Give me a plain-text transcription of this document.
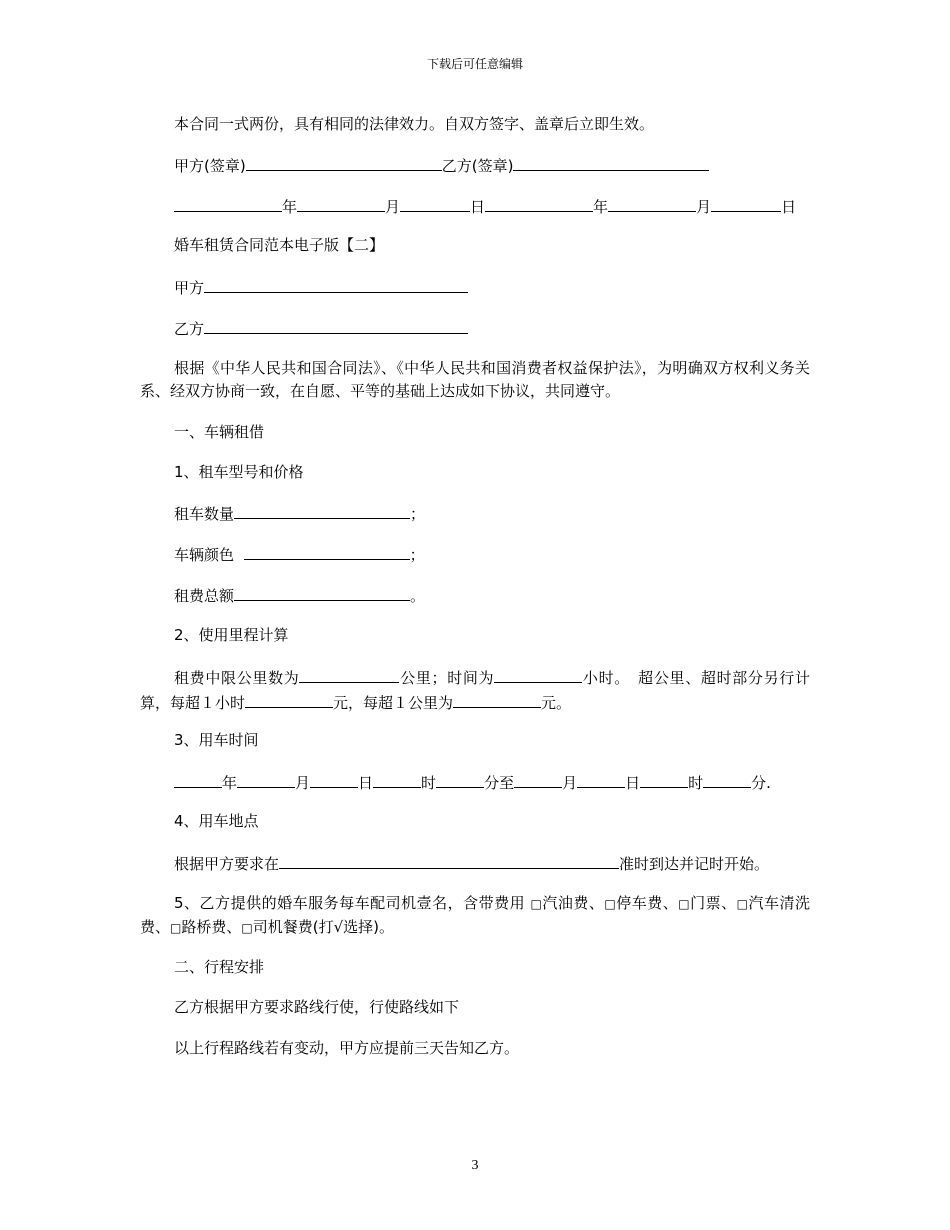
下载后可任意编辑
本合同一式两份，具有相同的法律效力。自双方签字、盖章后立即生效。
甲方(签章)	乙方(签章)
年	月	日	年	月	日
婚车租赁合同范本电子版【二】
甲方
乙方
根据《中华人民共和国合同法》、《中华人民共和国消费者权益保护法》，为明确双方权利义务关系、经双方协商一致，在自愿、平等的基础上达成如下协议，共同遵守。
一、车辆租借
1、租车型号和价格
租车数量	；
车辆颜色	；
租费总额	。
2、使用里程计算
租费中限公里数为	公里；时间为	小时。　超公里、超时部分另行计算，每超１小时	元，每超１公里为	元。
3、用车时间
年	月	日	时	分至	月	日	时	分.
4、用车地点
根据甲方要求在	准时到达并记时开始。
5、乙方提供的婚车服务每车配司机壹名，含带费用 □汽油费、□停车费、□门票、□汽车清洗费、□路桥费、□司机餐费(打√选择)。
二、行程安排
乙方根据甲方要求路线行使，行使路线如下
以上行程路线若有变动，甲方应提前三天告知乙方。
3
